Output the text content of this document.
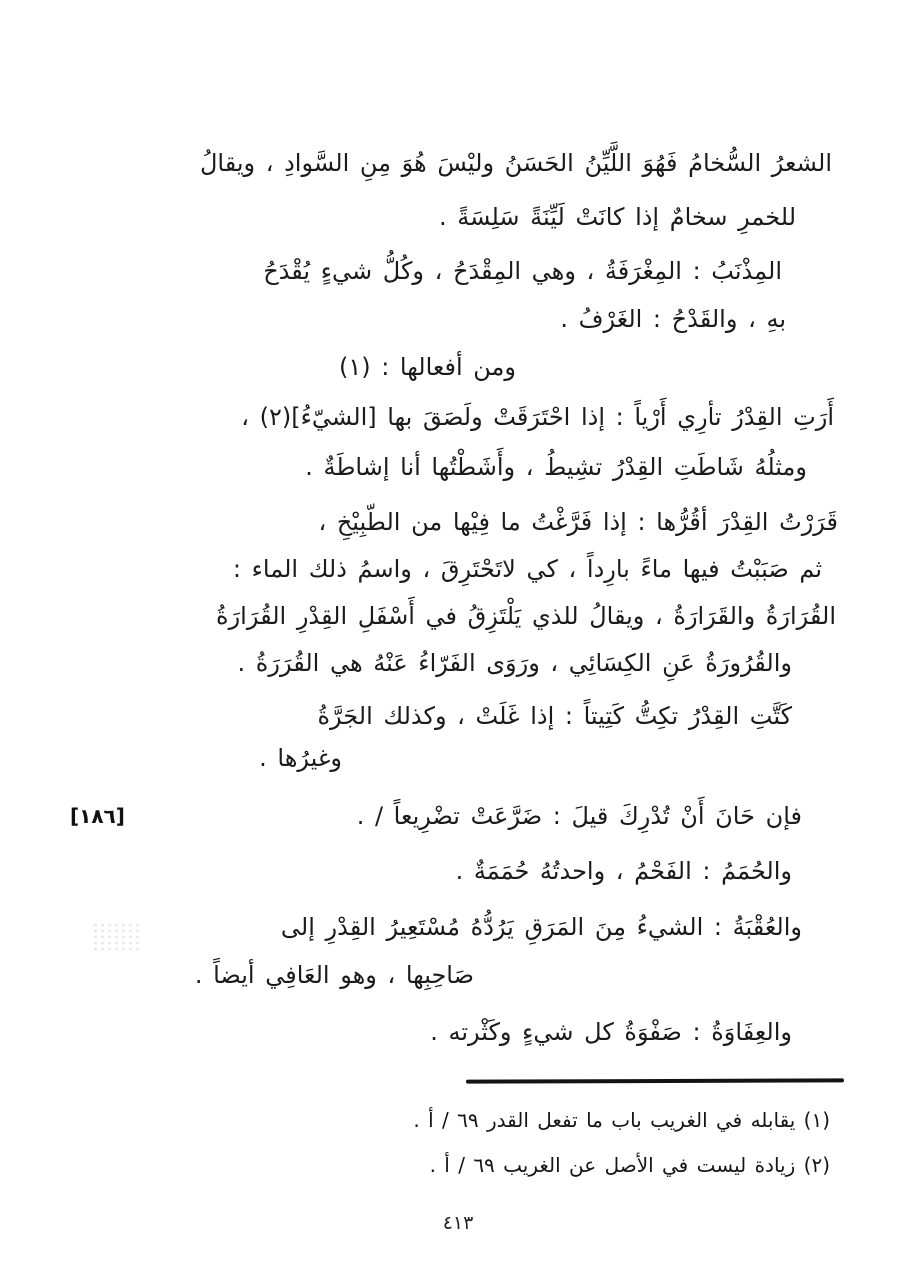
الشعرُ السُّخامُ فَهُوَ اللَّيِّنُ الحَسَنُ وليْسَ هُوَ مِنِ السَّوادِ ، ويقالُ
للخمرِ سخامٌ إذا كانَتْ لَيِّنَةً سَلِسَةً .
المِذْنَبُ : المِغْرَفَةُ ، وهي المِقْدَحُ ، وكُلُّ شيءٍ يُقْدَحُ
بهِ ، والقَدْحُ : الغَرْفُ .
ومن أفعالها : (١)
أَرَتِ القِدْرُ تأرِي أَرْياً : إذا احْتَرَقَتْ ولَصَقَ بها [الشيّءُ](٢) ،
ومثلُهُ شَاطَتِ القِدْرُ تشِيطُ ، وأَشَطْتُها أنا إشاطَةٌ .
قَرَرْتُ القِدْرَ أقُرُّها : إذا فَرَّغْتُ ما فِيْها من الطّبِيْخِ ،
ثم صَبَبْتُ فيها ماءً بارِداً ، كي لاتَحْتَرِقَ ، واسمُ ذلك الماء :
القُرَارَةُ والقَرَارَةُ ، ويقالُ للذي يَلْتَزِقُ في أَسْفَلِ القِدْرِ القُرَارَةُ
والقُرُورَةُ عَنِ الكِسَائِي ، ورَوَى الفَرّاءُ عَنْهُ هي القُرَرَةُ .
كَتَّتِ القِدْرُ تكِتُّ كَتِيتاً : إذا غَلَتْ ، وكذلك الجَرَّةُ
وغيرُها .
فإن حَانَ أَنْ تُدْرِكَ قيلَ : ضَرَّعَتْ تضْرِيعاً / .
والحُمَمُ : الفَحْمُ ، واحدتُهُ حُمَمَةٌ .
والعُقْبَةُ : الشيءُ مِنَ المَرَقِ يَرُدُّهُ مُسْتَعِيرُ القِدْرِ إلى
صَاحِبِها ، وهو العَافِي أيضاً .
والعِفَاوَةُ : صَفْوَةُ كل شيءٍ وكَثْرته .
[١٨٦]
(١) يقابله في الغريب باب ما تفعل القدر ٦٩ / أ .
(٢) زيادة ليست في الأصل عن الغريب ٦٩ / أ .
٤١٣
